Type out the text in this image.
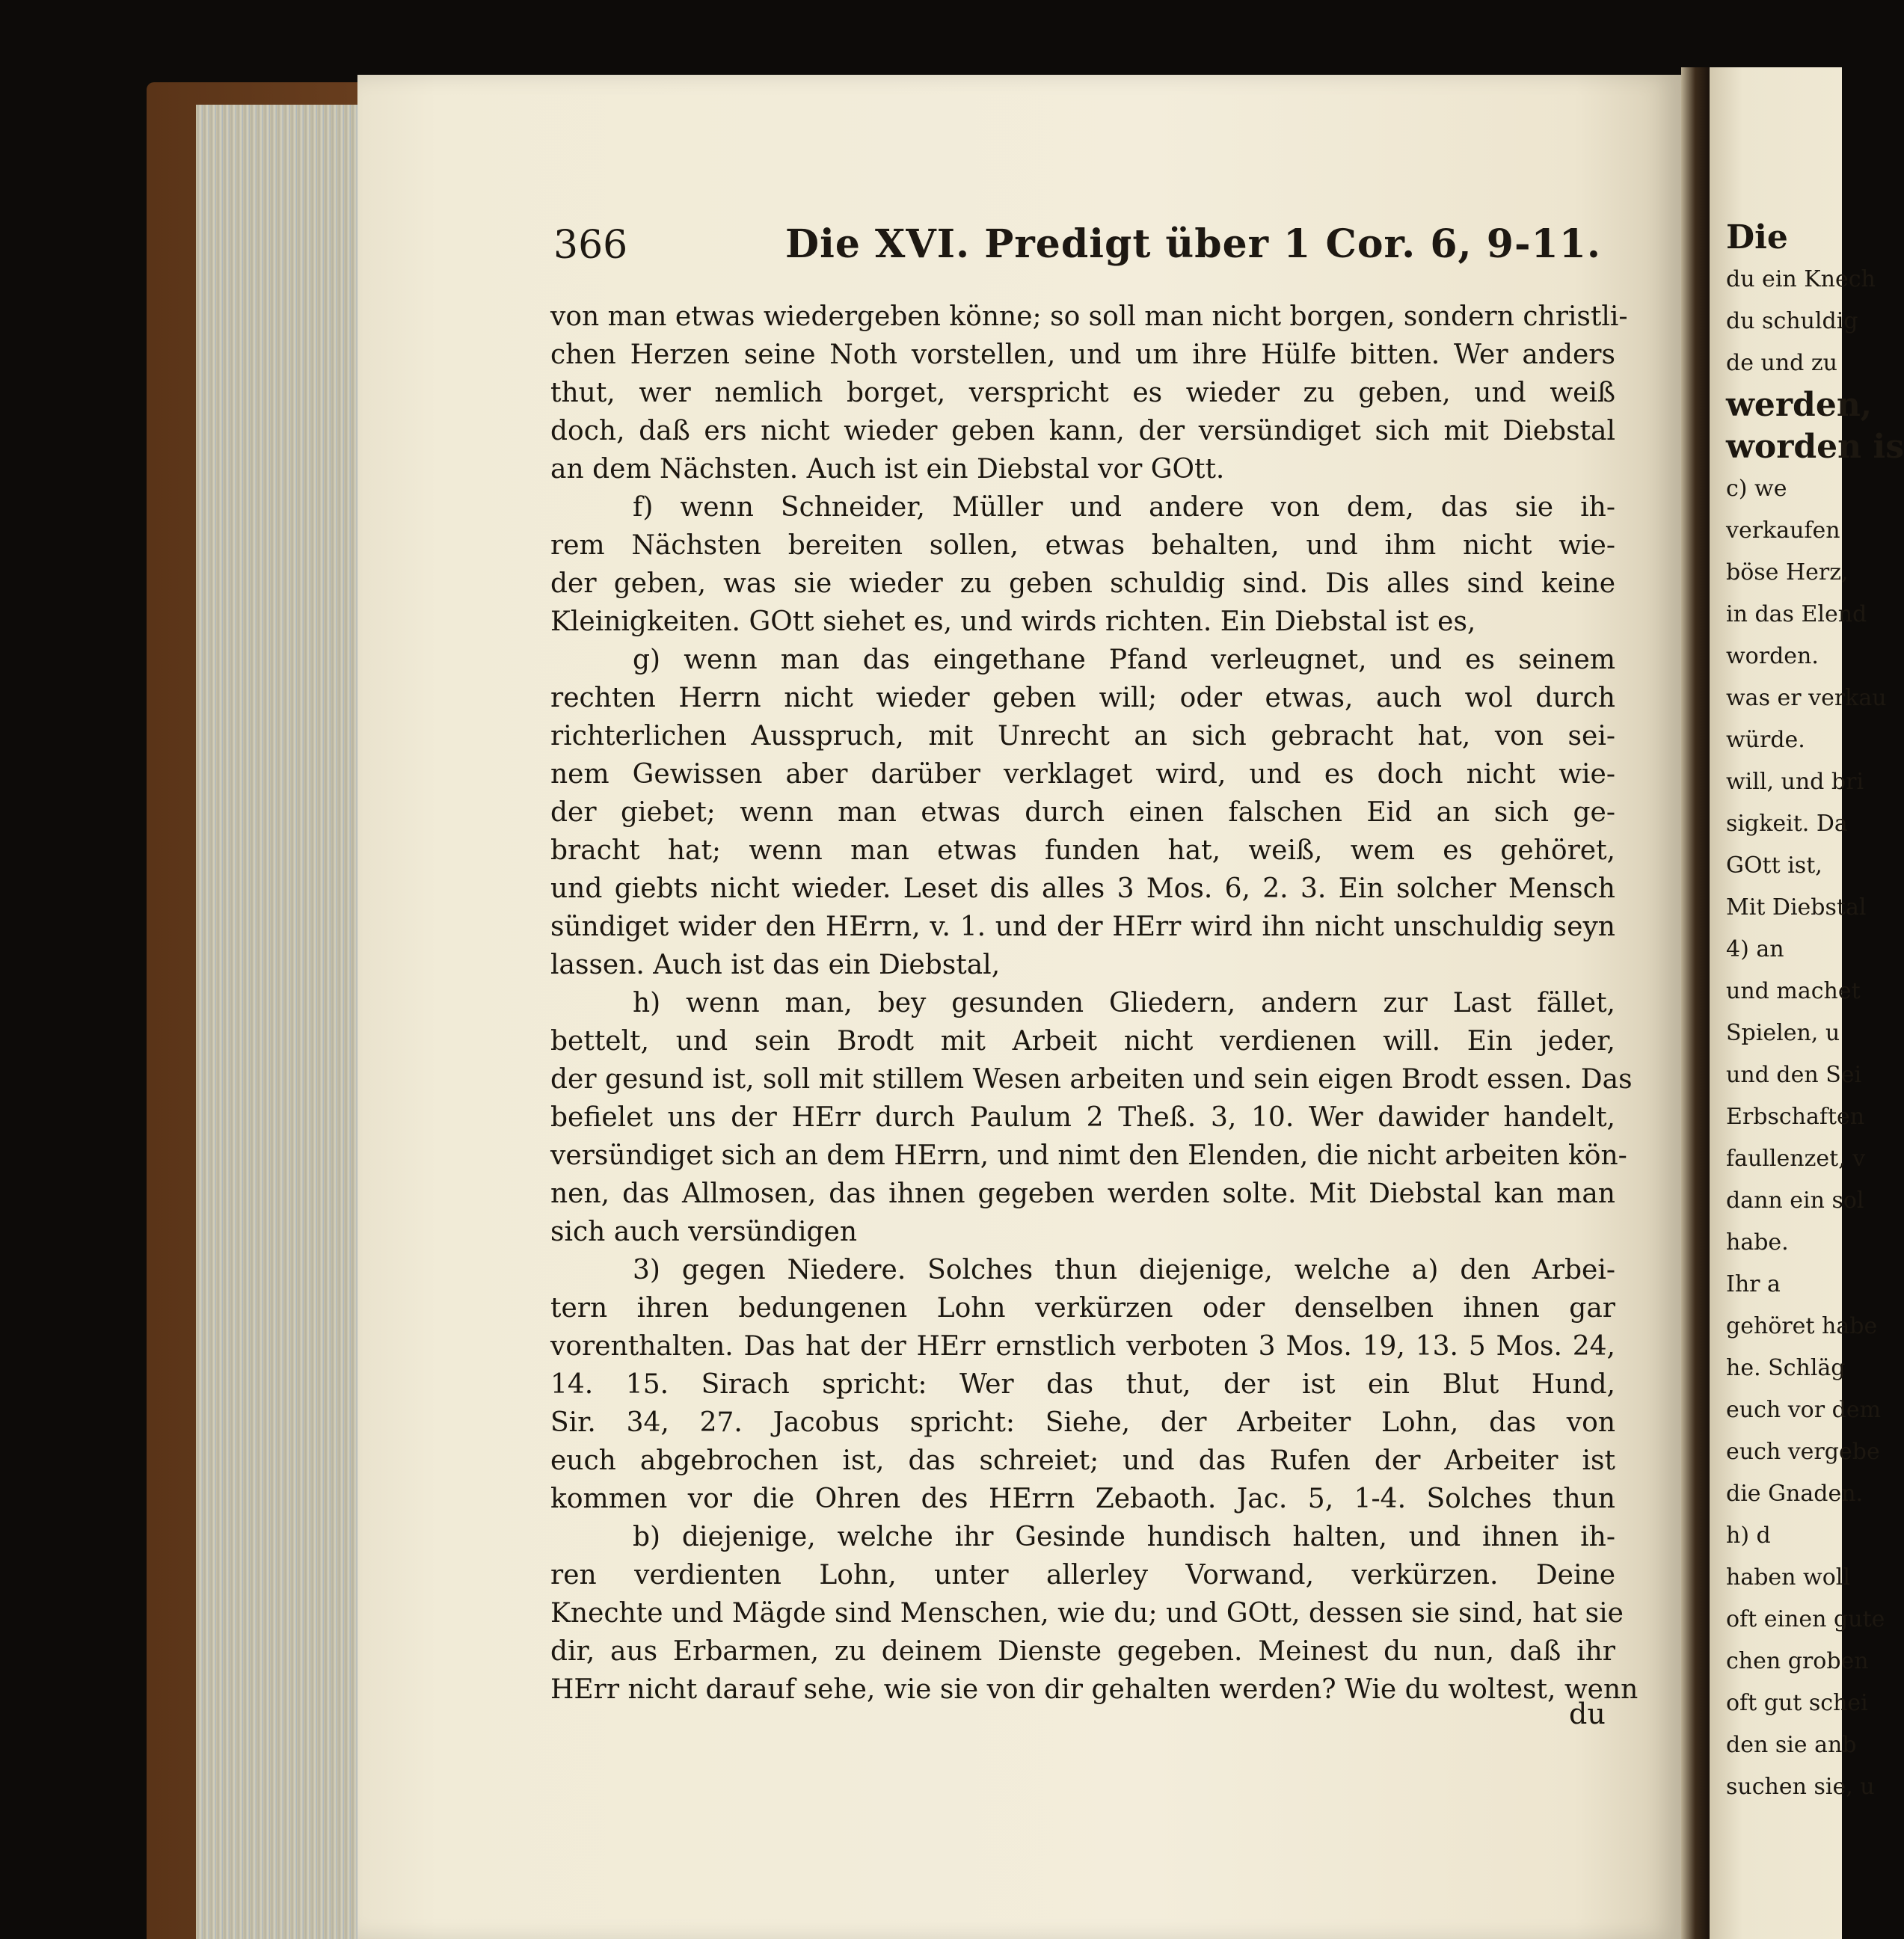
366	Die XVI. Predigt über 1 Cor. 6, 9-11.
von man etwas wiedergeben könne; so soll man nicht borgen, sondern christli-
chen Herzen seine Noth vorstellen, und um ihre Hülfe bitten. Wer anders
thut, wer nemlich borget, verspricht es wieder zu geben, und weiß
doch, daß ers nicht wieder geben kann, der versündiget sich mit Diebstal
an dem Nächsten. Auch ist ein Diebstal vor GOtt.
f) wenn Schneider, Müller und andere von dem, das sie ih-
rem Nächsten bereiten sollen, etwas behalten, und ihm nicht wie-
der geben, was sie wieder zu geben schuldig sind. Dis alles sind keine
Kleinigkeiten. GOtt siehet es, und wirds richten. Ein Diebstal ist es,
g) wenn man das eingethane Pfand verleugnet, und es seinem
rechten Herrn nicht wieder geben will; oder etwas, auch wol durch
richterlichen Ausspruch, mit Unrecht an sich gebracht hat, von sei-
nem Gewissen aber darüber verklaget wird, und es doch nicht wie-
der giebet; wenn man etwas durch einen falschen Eid an sich ge-
bracht hat; wenn man etwas funden hat, weiß, wem es gehöret,
und giebts nicht wieder. Leset dis alles 3 Mos. 6, 2. 3. Ein solcher Mensch
sündiget wider den HErrn, v. 1. und der HErr wird ihn nicht unschuldig seyn
lassen. Auch ist das ein Diebstal,
h) wenn man, bey gesunden Gliedern, andern zur Last fället,
bettelt, und sein Brodt mit Arbeit nicht verdienen will. Ein jeder,
der gesund ist, soll mit stillem Wesen arbeiten und sein eigen Brodt essen. Das
befielet uns der HErr durch Paulum 2 Theß. 3, 10. Wer dawider handelt,
versündiget sich an dem HErrn, und nimt den Elenden, die nicht arbeiten kön-
nen, das Allmosen, das ihnen gegeben werden solte. Mit Diebstal kan man
sich auch versündigen
3) gegen Niedere. Solches thun diejenige, welche a) den Arbei-
tern ihren bedungenen Lohn verkürzen oder denselben ihnen gar
vorenthalten. Das hat der HErr ernstlich verboten 3 Mos. 19, 13. 5 Mos. 24,
14. 15. Sirach spricht: Wer das thut, der ist ein Blut Hund,
Sir. 34, 27. Jacobus spricht: Siehe, der Arbeiter Lohn, das von
euch abgebrochen ist, das schreiet; und das Rufen der Arbeiter ist
kommen vor die Ohren des HErrn Zebaoth. Jac. 5, 1-4. Solches thun
b) diejenige, welche ihr Gesinde hundisch halten, und ihnen ih-
ren verdienten Lohn, unter allerley Vorwand, verkürzen. Deine
Knechte und Mägde sind Menschen, wie du; und GOtt, dessen sie sind, hat sie
dir, aus Erbarmen, zu deinem Dienste gegeben. Meinest du nun, daß ihr
HErr nicht darauf sehe, wie sie von dir gehalten werden? Wie du woltest, wenn
du
Die
du ein Knech
du schuldig
de und zu
werden,
worden is
c) we
verkaufen
böse Herz,
in das Elend
worden.
was er verkau
würde.
will, und bri
sigkeit. Da
GOtt ist,
Mit Diebstal
4) an
und machet
Spielen, u
und den Sei
Erbschaften
faullenzet, v
dann ein sol
habe.
Ihr a
gehöret habe
he. Schläg
euch vor dem
euch vergebe
die Gnaden.
h) d
haben woll
oft einen gute
chen groben
oft gut schei
den sie anb
suchen sie, u
